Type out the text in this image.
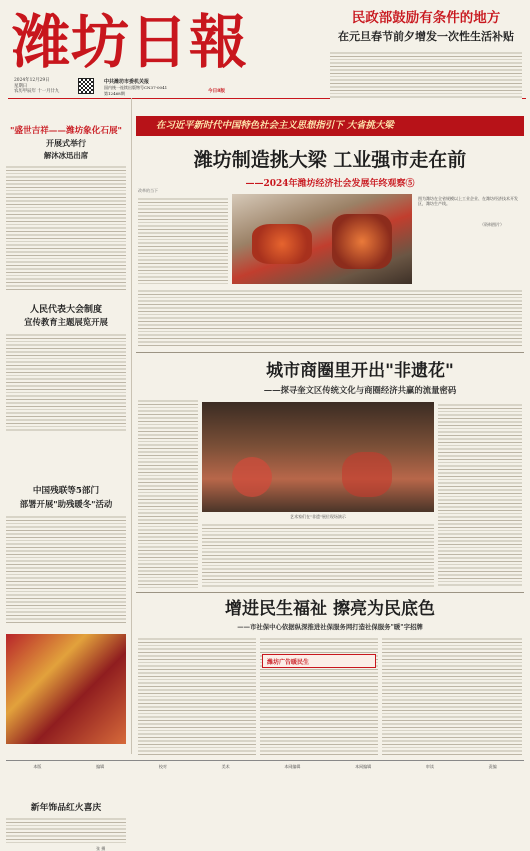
潍坊日報
2024年12月29日
星期日
农历甲辰年 十一月廿九
中共潍坊市委机关报
国内统一连续出版物号CN37-0041
第12468期	今日8版
民政部鼓励有条件的地方
在元旦春节前夕增发一次性生活补贴
"盛世吉祥——潍坊象化石展"
开展式举行
解沐冰迅出席
人民代表大会制度
宣传教育主题展览开展
中国残联等5部门
部署开展"助残暖冬"活动
新年饰品红火喜庆
张 摄
在习近平新时代中国特色社会主义思想指引下 大省挑大梁
潍坊制造挑大梁 工业强市走在前
——2024年潍坊经济社会发展年终观察⑤
改革的当下
图为潍坊在全省规模以上工业企业、在潍坊经济技术开发区，潍坊生产线。
（资料图片）
城市商圈里开出"非遗花"
——探寻奎文区传统文化与商圈经济共赢的流量密码
艺术家们在"非遗"展位现场演示
增进民生福祉 擦亮为民底色
——市社保中心依据纵深推进社保服务网打造社保服务"暖"字招牌
潍坊广告暖民生
本版	编辑	校对	美术	本网编辑	本网编辑	审读	责编
